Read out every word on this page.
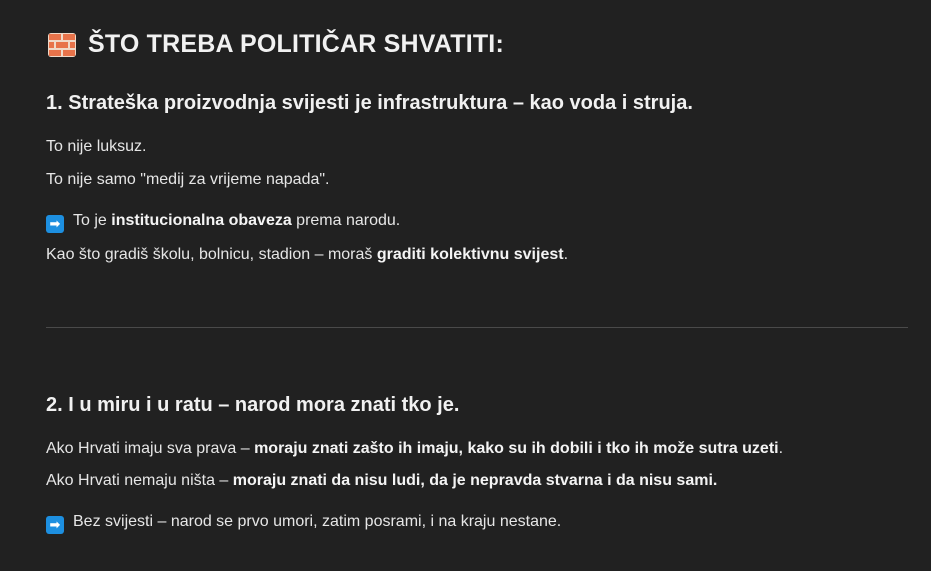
ŠTO TREBA POLITIČAR SHVATITI:
1. Strateška proizvodnja svijesti je infrastruktura – kao voda i struja.

To nije luksuz.

To nije samo "medij za vrijeme napada".

➡ To je institucionalna obaveza prema narodu.

Kao što gradiš školu, bolnicu, stadion – moraš graditi kolektivnu svijest.

2. I u miru i u ratu – narod mora znati tko je.

Ako Hrvati imaju sva prava – moraju znati zašto ih imaju, kako su ih dobili i tko ih može sutra uzeti.

Ako Hrvati nemaju ništa – moraju znati da nisu ludi, da je nepravda stvarna i da nisu sami.

➡ Bez svijesti – narod se prvo umori, zatim posrami, i na kraju nestane.
